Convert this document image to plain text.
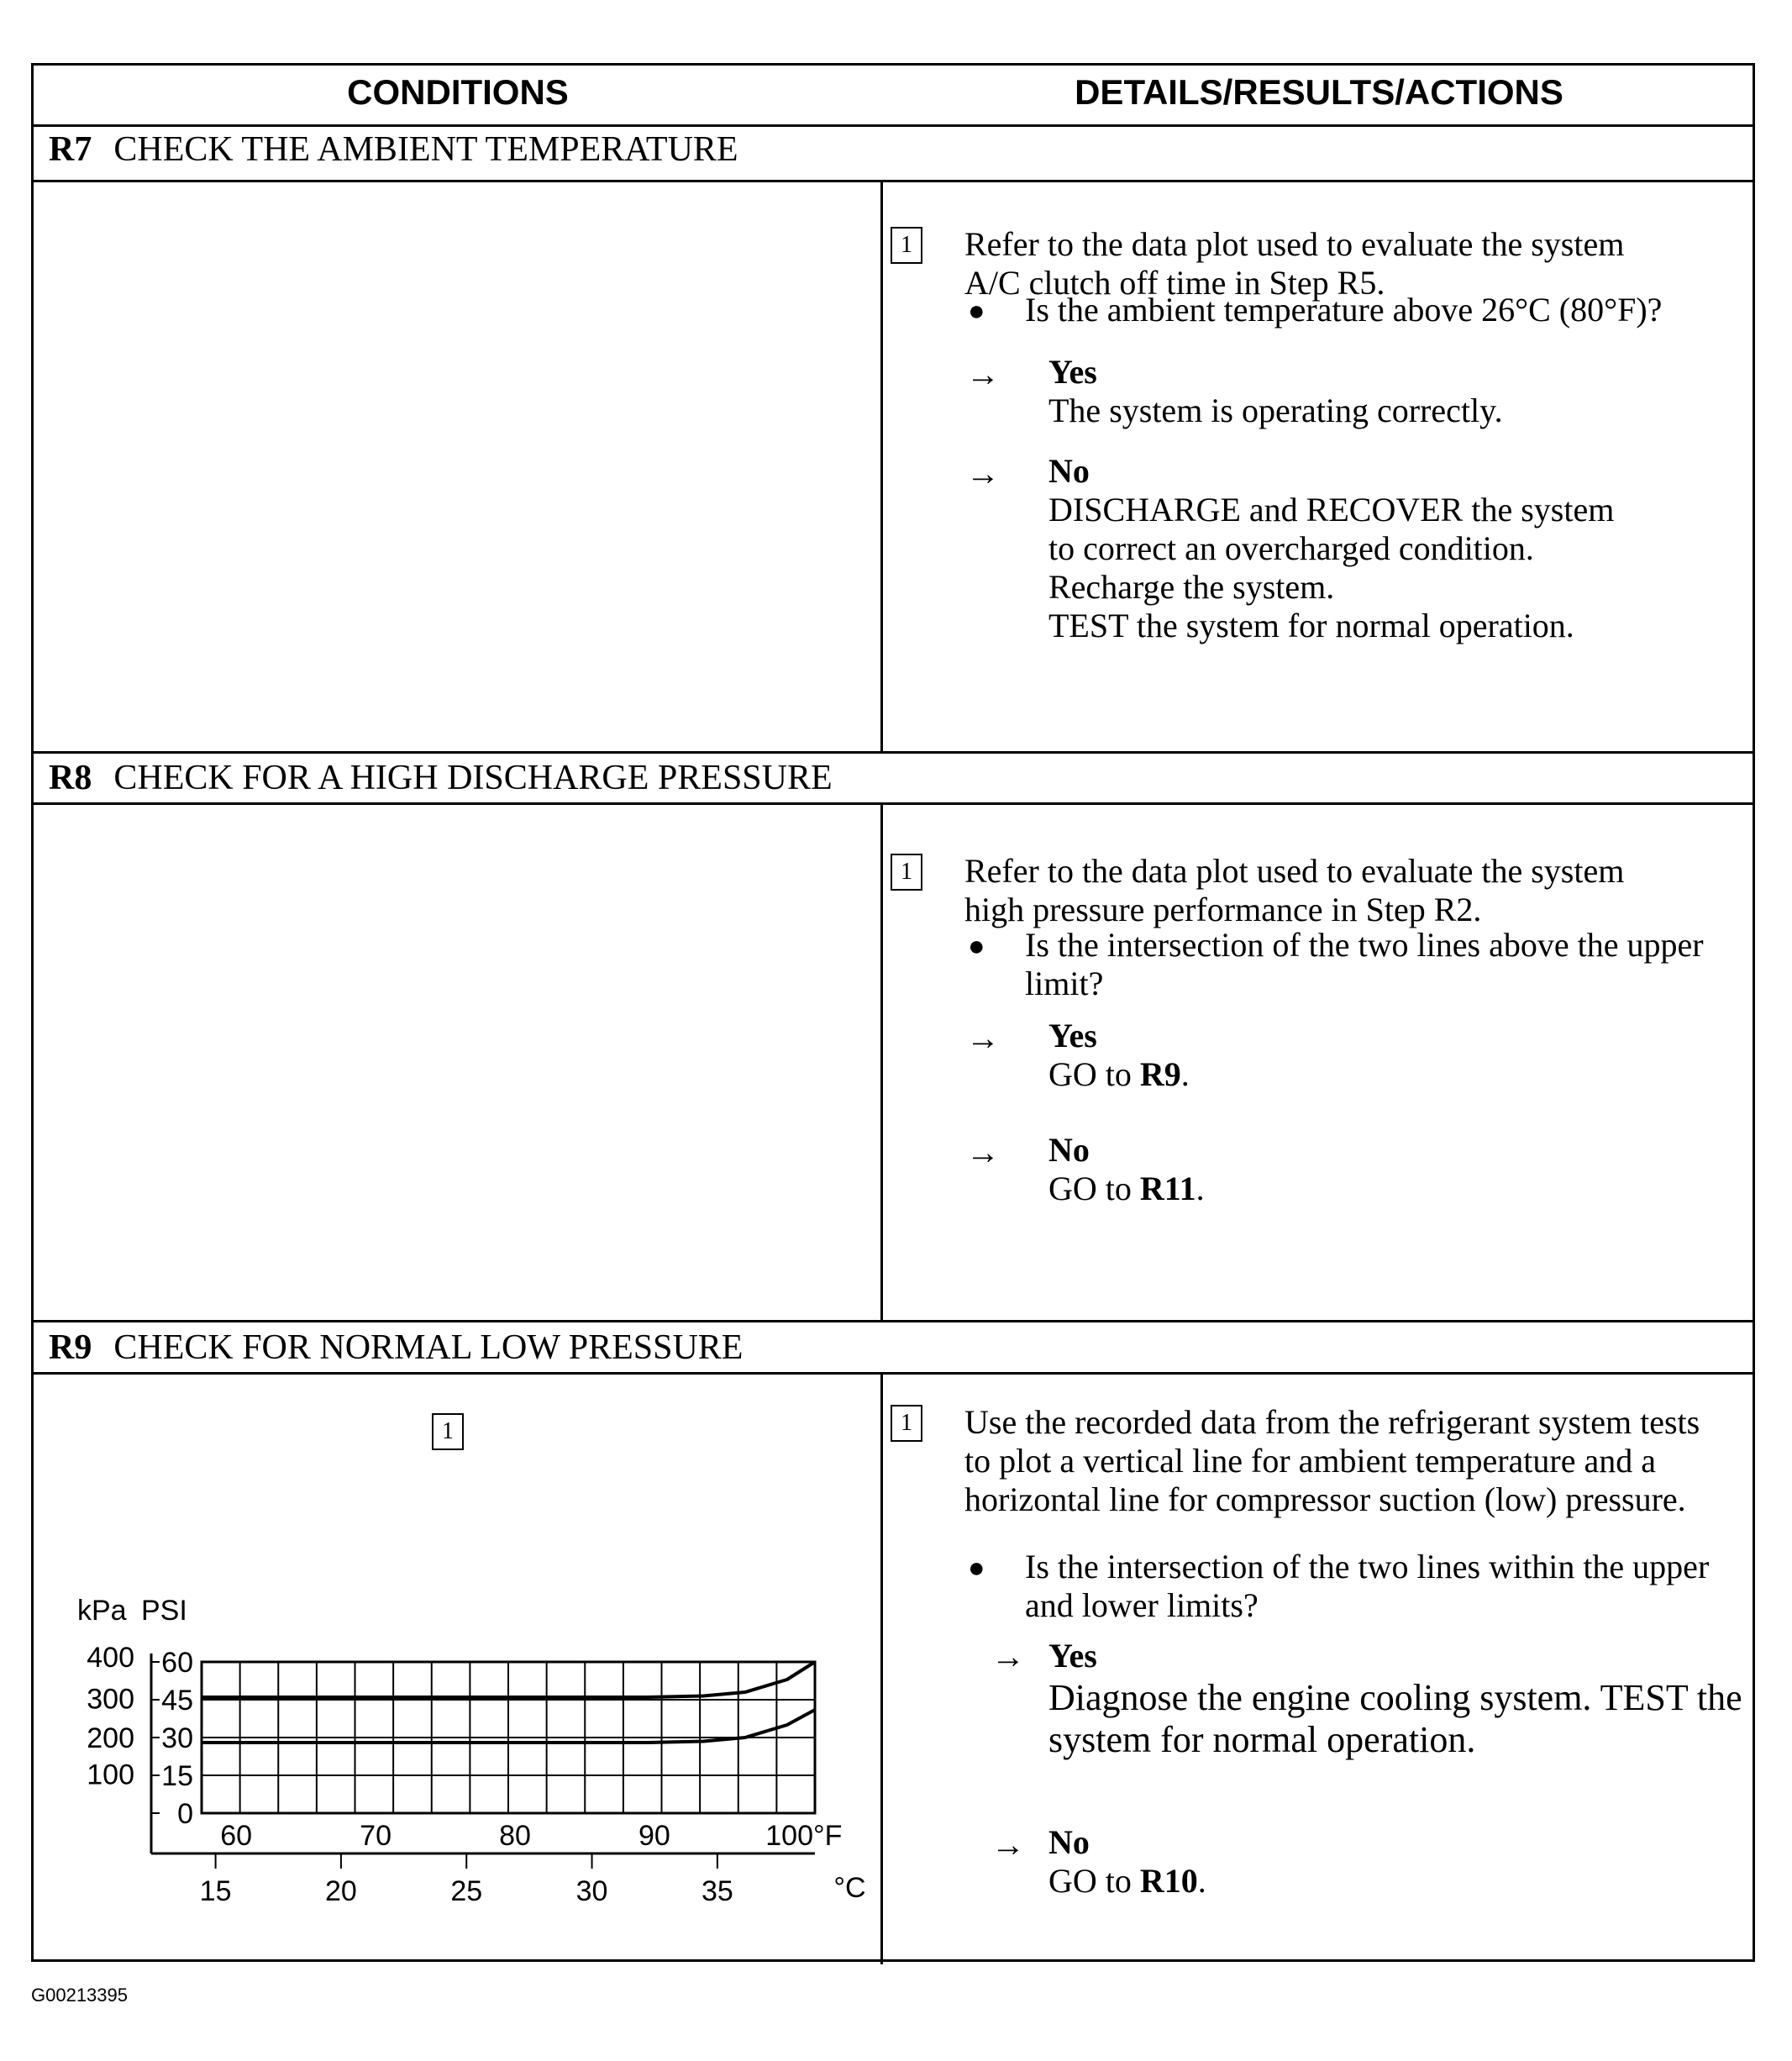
CONDITIONS	DETAILS/RESULTS/ACTIONS
R7 CHECK THE AMBIENT TEMPERATURE
1	Refer to the data plot used to evaluate the system A/C clutch off time in Step R5.
● Is the ambient temperature above 26°C (80°F)?
→ Yes
The system is operating correctly.
→ No
DISCHARGE and RECOVER the system
to correct an overcharged condition.
Recharge the system.
TEST the system for normal operation.
R8 CHECK FOR A HIGH DISCHARGE PRESSURE
1	Refer to the data plot used to evaluate the system high pressure performance in Step R2.
● Is the intersection of the two lines above the upper limit?
→ Yes
GO to R9.
→ No
GO to R11.
R9 CHECK FOR NORMAL LOW PRESSURE
1
kPa PSI
60
45
30
15
0
400
300
200
100
60	70	80	90	100°F
15	20	25	30	35	°C
1	Use the recorded data from the refrigerant system tests to plot a vertical line for ambient temperature and a horizontal line for compressor suction (low) pressure.
● Is the intersection of the two lines within the upper and lower limits?
→ Yes
Diagnose the engine cooling system. TEST the system for normal operation.
→ No
GO to R10.
G00213395
